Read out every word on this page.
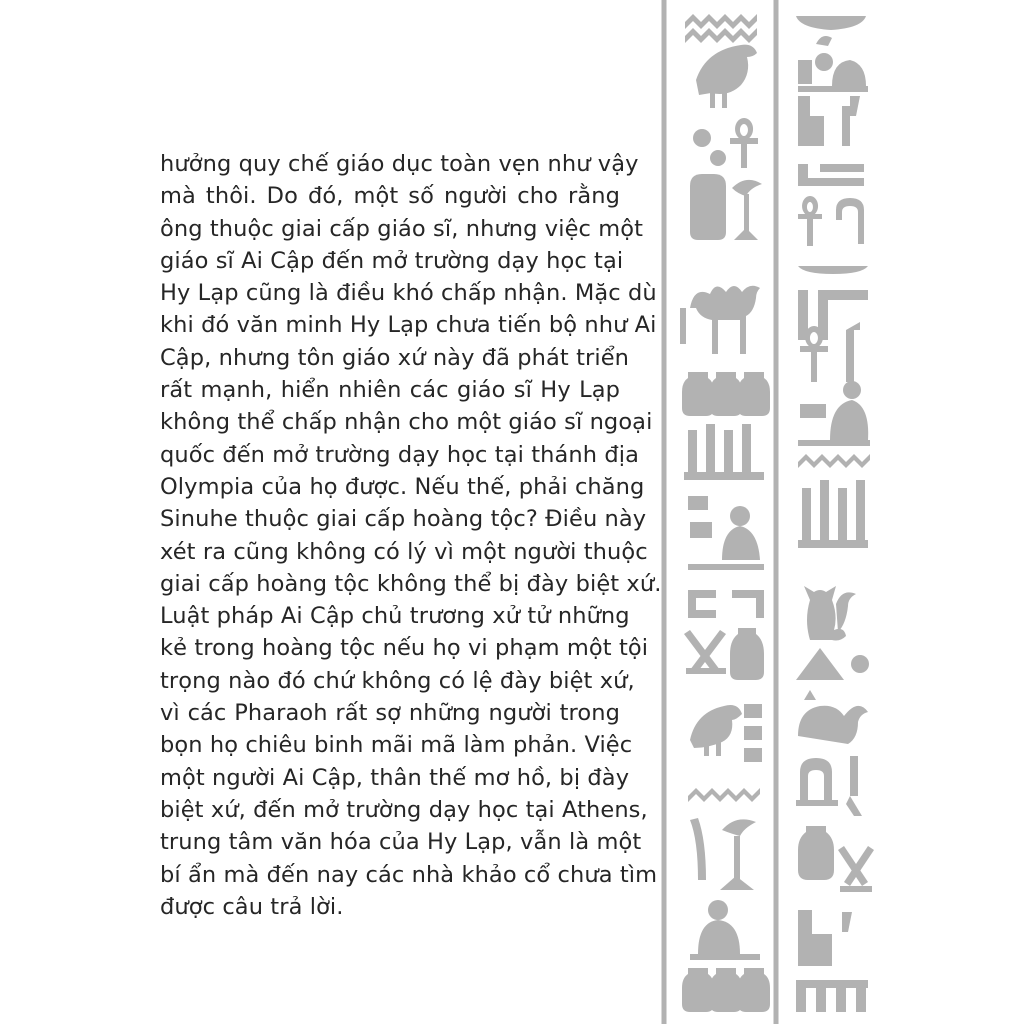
hưởng quy chế giáo dục toàn vẹn như vậy
mà thôi. Do đó, một số người cho rằng
ông thuộc giai cấp giáo sĩ, nhưng việc một
giáo sĩ Ai Cập đến mở trường dạy học tại
Hy Lạp cũng là điều khó chấp nhận. Mặc dù
khi đó văn minh Hy Lạp chưa tiến bộ như Ai
Cập, nhưng tôn giáo xứ này đã phát triển
rất mạnh, hiển nhiên các giáo sĩ Hy Lạp
không thể chấp nhận cho một giáo sĩ ngoại
quốc đến mở trường dạy học tại thánh địa
Olympia của họ được. Nếu thế, phải chăng
Sinuhe thuộc giai cấp hoàng tộc? Điều này
xét ra cũng không có lý vì một người thuộc
giai cấp hoàng tộc không thể bị đày biệt xứ.
Luật pháp Ai Cập chủ trương xử tử những
kẻ trong hoàng tộc nếu họ vi phạm một tội
trọng nào đó chứ không có lệ đày biệt xứ,
vì các Pharaoh rất sợ những người trong
bọn họ chiêu binh mãi mã làm phản. Việc
một người Ai Cập, thân thế mơ hồ, bị đày
biệt xứ, đến mở trường dạy học tại Athens,
trung tâm văn hóa của Hy Lạp, vẫn là một
bí ẩn mà đến nay các nhà khảo cổ chưa tìm
được câu trả lời.
